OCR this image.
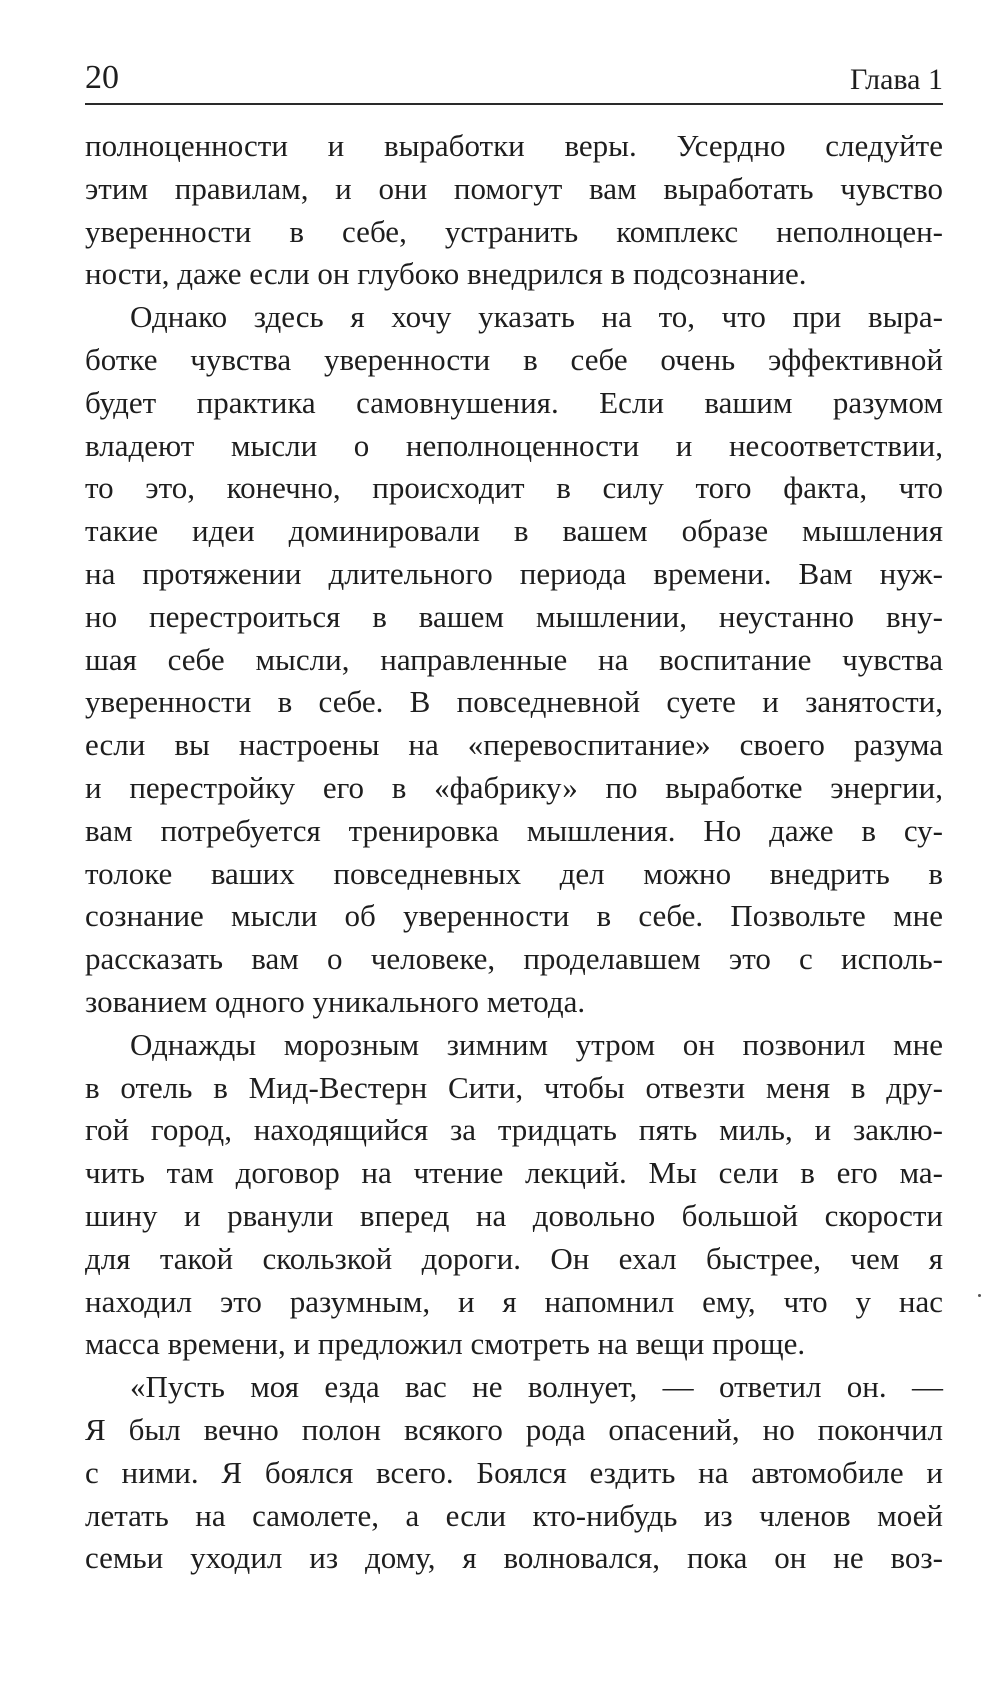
20	Глава 1

полноценности и выработки веры. Усердно следуйте
этим правилам, и они помогут вам выработать чувство
уверенности в себе, устранить комплекс неполноцен-
ности, даже если он глубоко внедрился в подсознание.

Однако здесь я хочу указать на то, что при выра-
ботке чувства уверенности в себе очень эффективной
будет практика самовнушения. Если вашим разумом
владеют мысли о неполноценности и несоответствии,
то это, конечно, происходит в силу того факта, что
такие идеи доминировали в вашем образе мышления
на протяжении длительного периода времени. Вам нуж-
но перестроиться в вашем мышлении, неустанно вну-
шая себе мысли, направленные на воспитание чувства
уверенности в себе. В повседневной суете и занятости,
если вы настроены на «перевоспитание» своего разума
и перестройку его в «фабрику» по выработке энергии,
вам потребуется тренировка мышления. Но даже в су-
толоке ваших повседневных дел можно внедрить в
сознание мысли об уверенности в себе. Позвольте мне
рассказать вам о человеке, проделавшем это с исполь-
зованием одного уникального метода.

Однажды морозным зимним утром он позвонил мне
в отель в Мид-Вестерн Сити, чтобы отвезти меня в дру-
гой город, находящийся за тридцать пять миль, и заклю-
чить там договор на чтение лекций. Мы сели в его ма-
шину и рванули вперед на довольно большой скорости
для такой скользкой дороги. Он ехал быстрее, чем я
находил это разумным, и я напомнил ему, что у нас
масса времени, и предложил смотреть на вещи проще.

«Пусть моя езда вас не волнует, — ответил он. —
Я был вечно полон всякого рода опасений, но покончил
с ними. Я боялся всего. Боялся ездить на автомобиле и
летать на самолете, а если кто-нибудь из членов моей
семьи уходил из дому, я волновался, пока он не воз-
